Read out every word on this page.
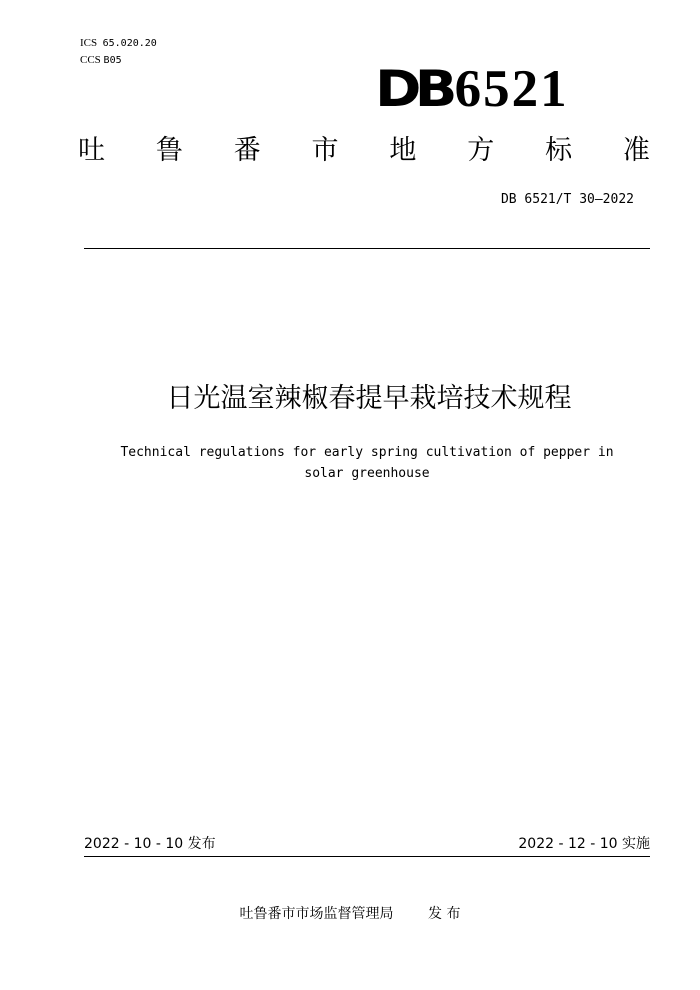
ICS 65.020.20
CCS B05	DB 6521
吐 鲁 番 市 地 方 标 准
DB 6521/T 30—2022
日光温室辣椒春提早栽培技术规程
Technical regulations for early spring cultivation of pepper in
solar greenhouse
2022 - 10 - 10 发布	2022 - 12 - 10 实施
吐鲁番市市场监督管理局 发 布
